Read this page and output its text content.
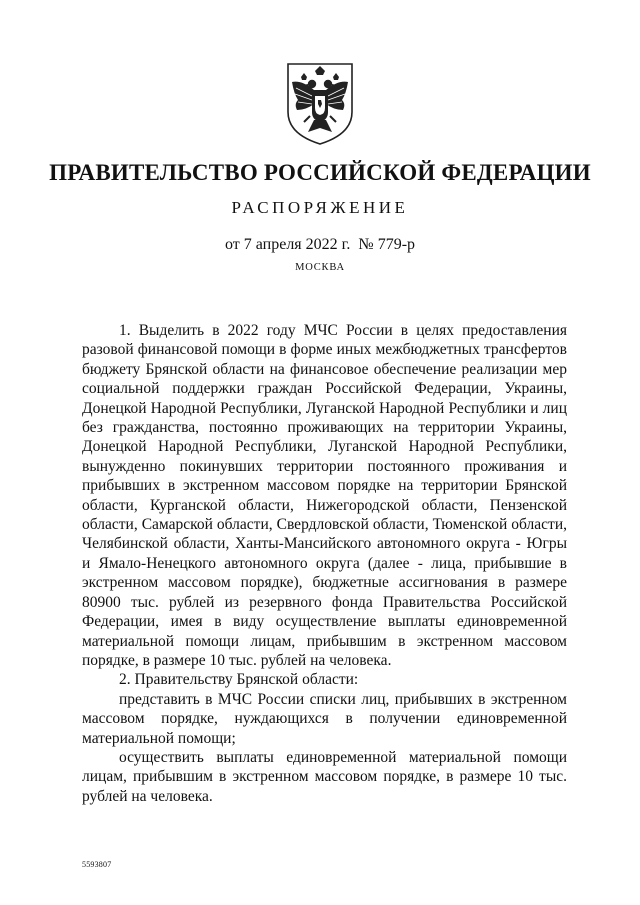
ПРАВИТЕЛЬСТВО РОССИЙСКОЙ ФЕДЕРАЦИИ
РАСПОРЯЖЕНИЕ
от 7 апреля 2022 г.  № 779-р
МОСКВА

1. Выделить в 2022 году МЧС России в целях предоставления разовой финансовой помощи в форме иных межбюджетных трансфертов бюджету Брянской области на финансовое обеспечение реализации мер социальной поддержки граждан Российской Федерации, Украины, Донецкой Народной Республики, Луганской Народной Республики и лиц без гражданства, постоянно проживающих на территории Украины, Донецкой Народной Республики, Луганской Народной Республики, вынужденно покинувших территории постоянного проживания и прибывших в экстренном массовом порядке на территории Брянской области, Курганской области, Нижегородской области, Пензенской области, Самарской области, Свердловской области, Тюменской области, Челябинской области, Ханты-Мансийского автономного округа - Югры и Ямало-Ненецкого автономного округа (далее - лица, прибывшие в экстренном массовом порядке), бюджетные ассигнования в размере 80900 тыс. рублей из резервного фонда Правительства Российской Федерации, имея в виду осуществление выплаты единовременной материальной помощи лицам, прибывшим в экстренном массовом порядке, в размере 10 тыс. рублей на человека.

2. Правительству Брянской области:

представить в МЧС России списки лиц, прибывших в экстренном массовом порядке, нуждающихся в получении единовременной материальной помощи;

осуществить выплаты единовременной материальной помощи лицам, прибывшим в экстренном массовом порядке, в размере 10 тыс. рублей на человека.

5593807
